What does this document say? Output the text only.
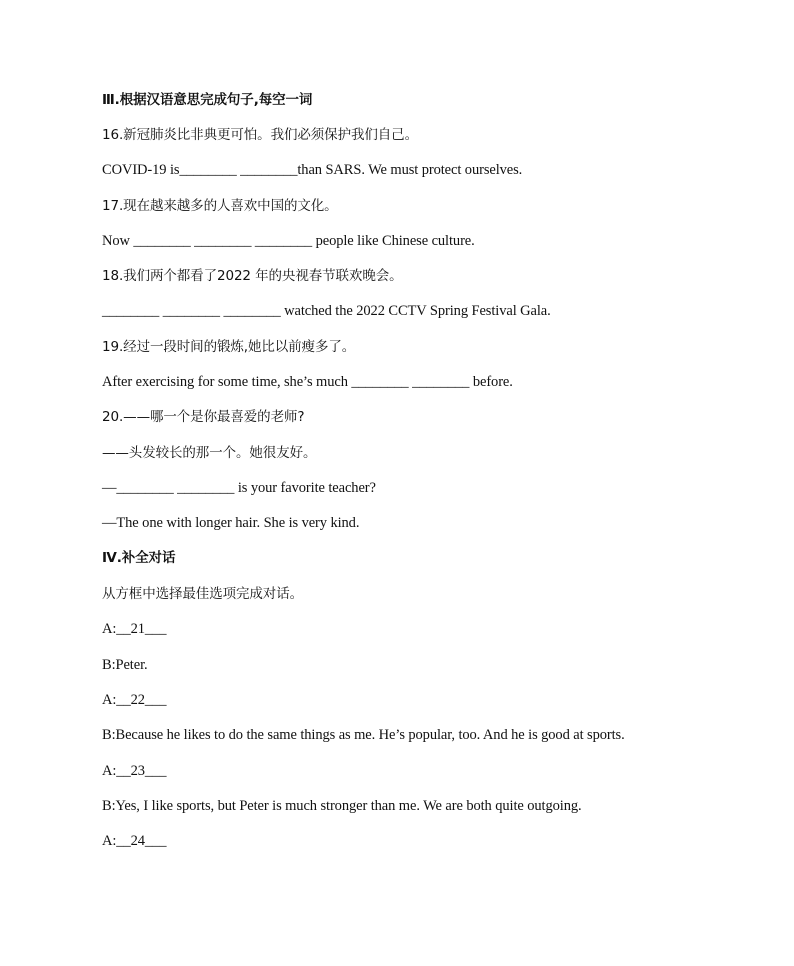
Ⅲ.根据汉语意思完成句子,每空一词
16.新冠肺炎比非典更可怕。我们必须保护我们自己。
COVID-19 is________ ________than SARS. We must protect ourselves.
17.现在越来越多的人喜欢中国的文化。
Now ________ ________ ________ people like Chinese culture.
18.我们两个都看了2022 年的央视春节联欢晚会。
________ ________ ________ watched the 2022 CCTV Spring Festival Gala.
19.经过一段时间的锻炼,她比以前瘦多了。
After exercising for some time, she’s much ________ ________ before.
20.——哪一个是你最喜爱的老师?
——头发较长的那一个。她很友好。
—________ ________ is your favorite teacher?
—The one with longer hair. She is very kind.
Ⅳ.补全对话
从方框中选择最佳选项完成对话。
A:__21___
B:Peter.
A:__22___
B:Because he likes to do the same things as me. He’s popular, too. And he is good at sports.
A:__23___
B:Yes, I like sports, but Peter is much stronger than me. We are both quite outgoing.
A:__24___
